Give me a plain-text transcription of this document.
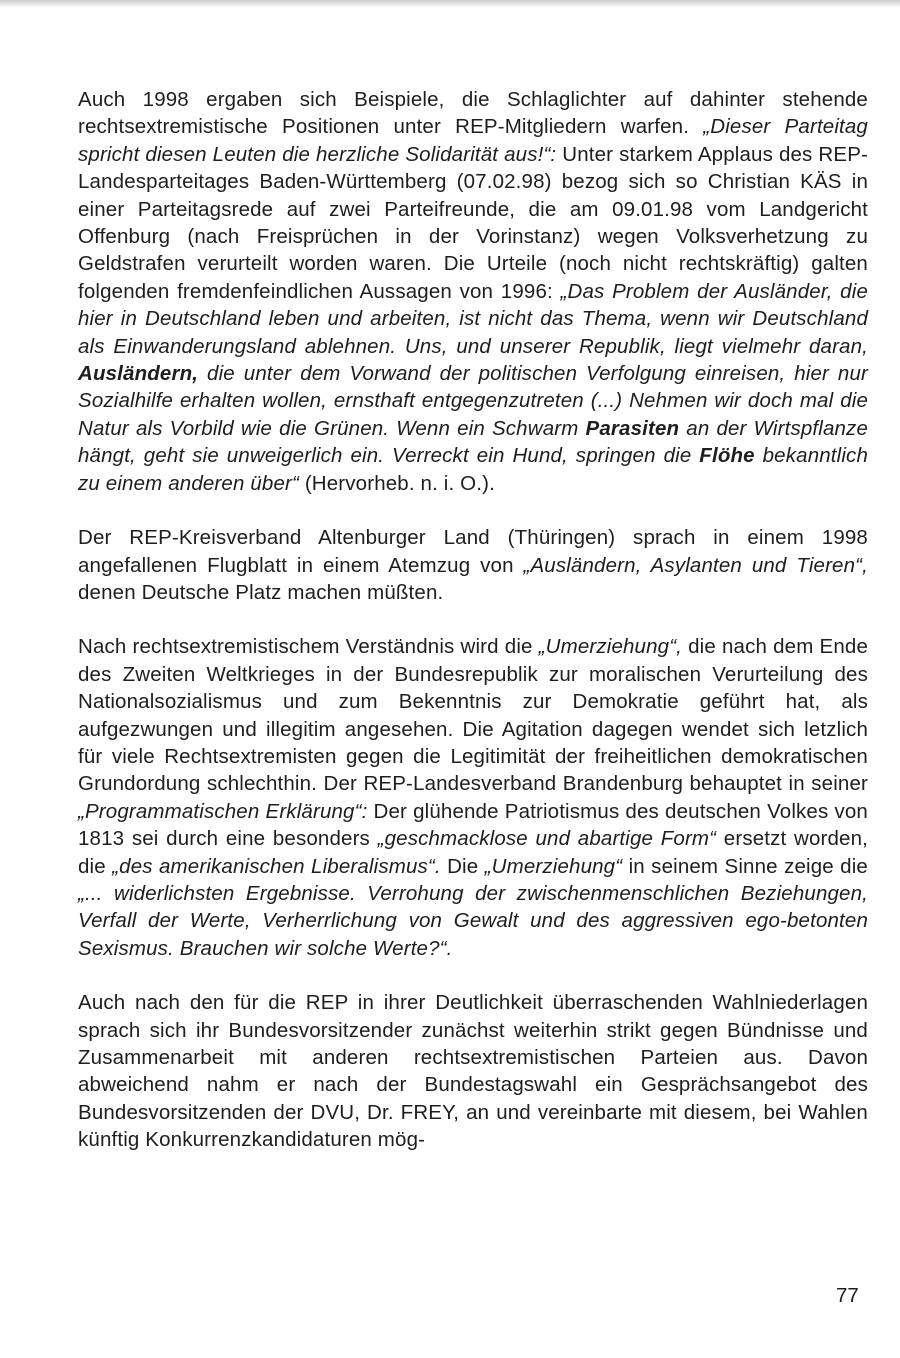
Auch 1998 ergaben sich Beispiele, die Schlaglichter auf dahinter stehende rechtsextremistische Positionen unter REP-Mitgliedern warfen. „Dieser Parteitag spricht diesen Leuten die herzliche Solidarität aus!“: Unter starkem Applaus des REP-Landesparteitages Baden-Württemberg (07.02.98) bezog sich so Christian KÄS in einer Parteitagsrede auf zwei Parteifreunde, die am 09.01.98 vom Landgericht Offenburg (nach Freisprüchen in der Vorinstanz) wegen Volksverhetzung zu Geldstrafen verurteilt worden waren. Die Urteile (noch nicht rechtskräftig) galten folgenden fremdenfeindlichen Aussagen von 1996: „Das Problem der Ausländer, die hier in Deutschland leben und arbeiten, ist nicht das Thema, wenn wir Deutschland als Einwanderungsland ablehnen. Uns, und unserer Republik, liegt vielmehr daran, Ausländern, die unter dem Vorwand der politischen Verfolgung einreisen, hier nur Sozialhilfe erhalten wollen, ernsthaft entgegenzutreten (...) Nehmen wir doch mal die Natur als Vorbild wie die Grünen. Wenn ein Schwarm Parasiten an der Wirtspflanze hängt, geht sie unweigerlich ein. Verreckt ein Hund, springen die Flöhe bekanntlich zu einem anderen über“ (Hervorheb. n. i. O.).

Der REP-Kreisverband Altenburger Land (Thüringen) sprach in einem 1998 angefallenen Flugblatt in einem Atemzug von „Ausländern, Asylanten und Tieren“, denen Deutsche Platz machen müßten.

Nach rechtsextremistischem Verständnis wird die „Umerziehung“, die nach dem Ende des Zweiten Weltkrieges in der Bundesrepublik zur moralischen Verurteilung des Nationalsozialismus und zum Bekenntnis zur Demokratie geführt hat, als aufgezwungen und illegitim angesehen. Die Agitation dagegen wendet sich letzlich für viele Rechtsextremisten gegen die Legitimität der freiheitlichen demokratischen Grundordung schlechthin. Der REP-Landesverband Brandenburg behauptet in seiner „Programmatischen Erklärung“: Der glühende Patriotismus des deutschen Volkes von 1813 sei durch eine besonders „geschmacklose und abartige Form“ ersetzt worden, die „des amerikanischen Liberalismus“. Die „Umerziehung“ in seinem Sinne zeige die „... widerlichsten Ergebnisse. Verrohung der zwischenmenschlichen Beziehungen, Verfall der Werte, Verherrlichung von Gewalt und des aggressiven ego-betonten Sexismus. Brauchen wir solche Werte?“.

Auch nach den für die REP in ihrer Deutlichkeit überraschenden Wahlniederlagen sprach sich ihr Bundesvorsitzender zunächst weiterhin strikt gegen Bündnisse und Zusammenarbeit mit anderen rechtsextremistischen Parteien aus. Davon abweichend nahm er nach der Bundestagswahl ein Gesprächsangebot des Bundesvorsitzenden der DVU, Dr. FREY, an und vereinbarte mit diesem, bei Wahlen künftig Konkurrenzkandidaturen mög-

77
